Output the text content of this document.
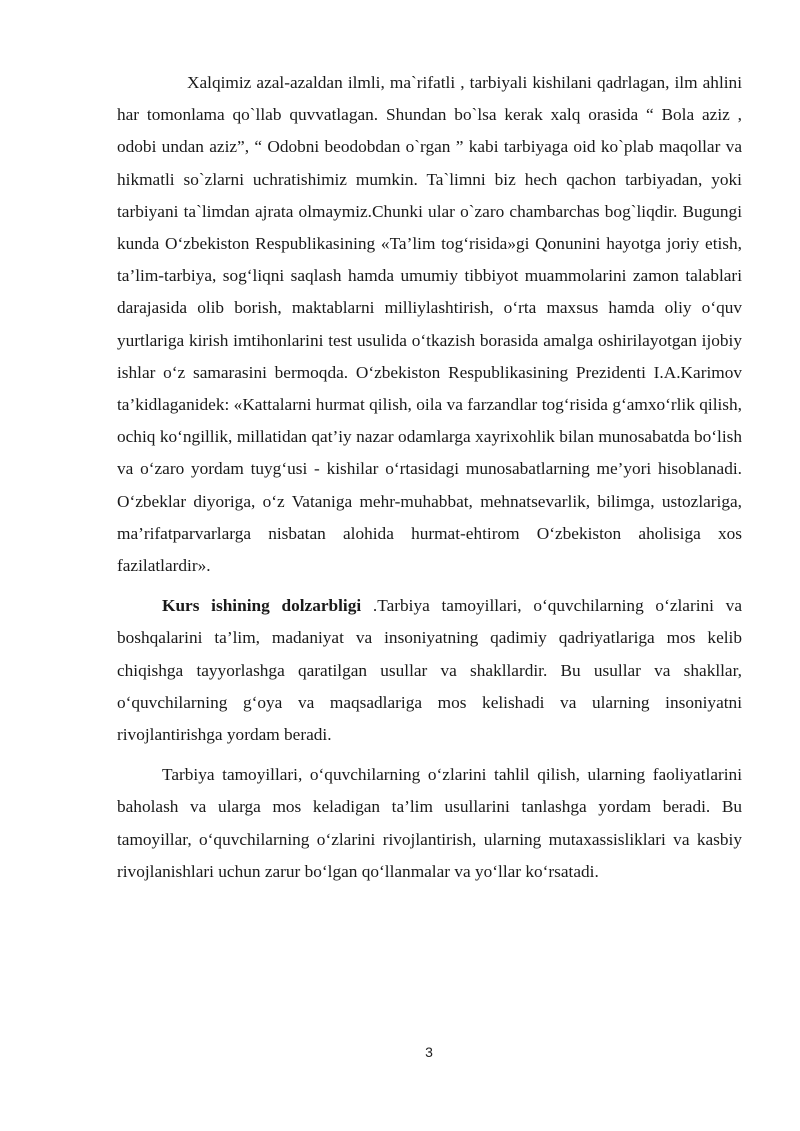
Xalqimiz azal-azaldan ilmli, ma`rifatli , tarbiyali kishilani qadrlagan, ilm ahlini har tomonlama qo`llab quvvatlagan. Shundan bo`lsa kerak xalq orasida “ Bola aziz , odobi undan aziz”, “ Odobni beodobdan o`rgan ” kabi tarbiyaga oid ko`plab maqollar va hikmatli so`zlarni uchratishimiz mumkin. Ta`limni biz hech qachon tarbiyadan, yoki tarbiyani ta`limdan ajrata olmaymiz.Chunki ular o`zaro chambarchas bog`liqdir. Bugungi kunda O‘zbekiston Respublikasining «Ta’lim tog‘risida»gi Qonunini hayotga joriy etish, ta’lim-tarbiya, sog‘liqni saqlash hamda umumiy tibbiyot muammolarini zamon talablari darajasida olib borish, maktablarni milliylashtirish, o‘rta maxsus hamda oliy o‘quv yurtlariga kirish imtihonlarini test usulida o‘tkazish borasida amalga oshirilayotgan ijobiy ishlar o‘z samarasini bermoqda. O‘zbekiston Respublikasining Prezidenti I.A.Karimov ta’kidlaganidek: «Kattalarni hurmat qilish, oila va farzandlar tog‘risida g‘amxo‘rlik qilish, ochiq ko‘ngillik, millatidan qat’iy nazar odamlarga xayrixohlik bilan munosabatda bo‘lish va o‘zaro yordam tuyg‘usi - kishilar o‘rtasidagi munosabatlarning me’yori hisoblanadi. O‘zbeklar diyoriga, o‘z Vataniga mehr-muhabbat, mehnatsevarlik, bilimga, ustozlariga, ma’rifatparvarlarga nisbatan alohida hurmat-ehtirom O‘zbekiston aholisiga xos fazilatlardir».

Kurs ishining dolzarbligi .Tarbiya tamoyillari, o‘quvchilarning o‘zlarini va boshqalarini ta’lim, madaniyat va insoniyatning qadimiy qadriyatlariga mos kelib chiqishga tayyorlashga qaratilgan usullar va shakllardir. Bu usullar va shakllar, o‘quvchilarning g‘oya va maqsadlariga mos kelishadi va ularning insoniyatni rivojlantirishga yordam beradi.

Tarbiya tamoyillari, o‘quvchilarning o‘zlarini tahlil qilish, ularning faoliyatlarini baholash va ularga mos keladigan ta’lim usullarini tanlashga yordam beradi. Bu tamoyillar, o‘quvchilarning o‘zlarini rivojlantirish, ularning mutaxassisliklari va kasbiy rivojlanishlari uchun zarur bo‘lgan qo‘llanmalar va yo‘llar ko‘rsatadi.

3
